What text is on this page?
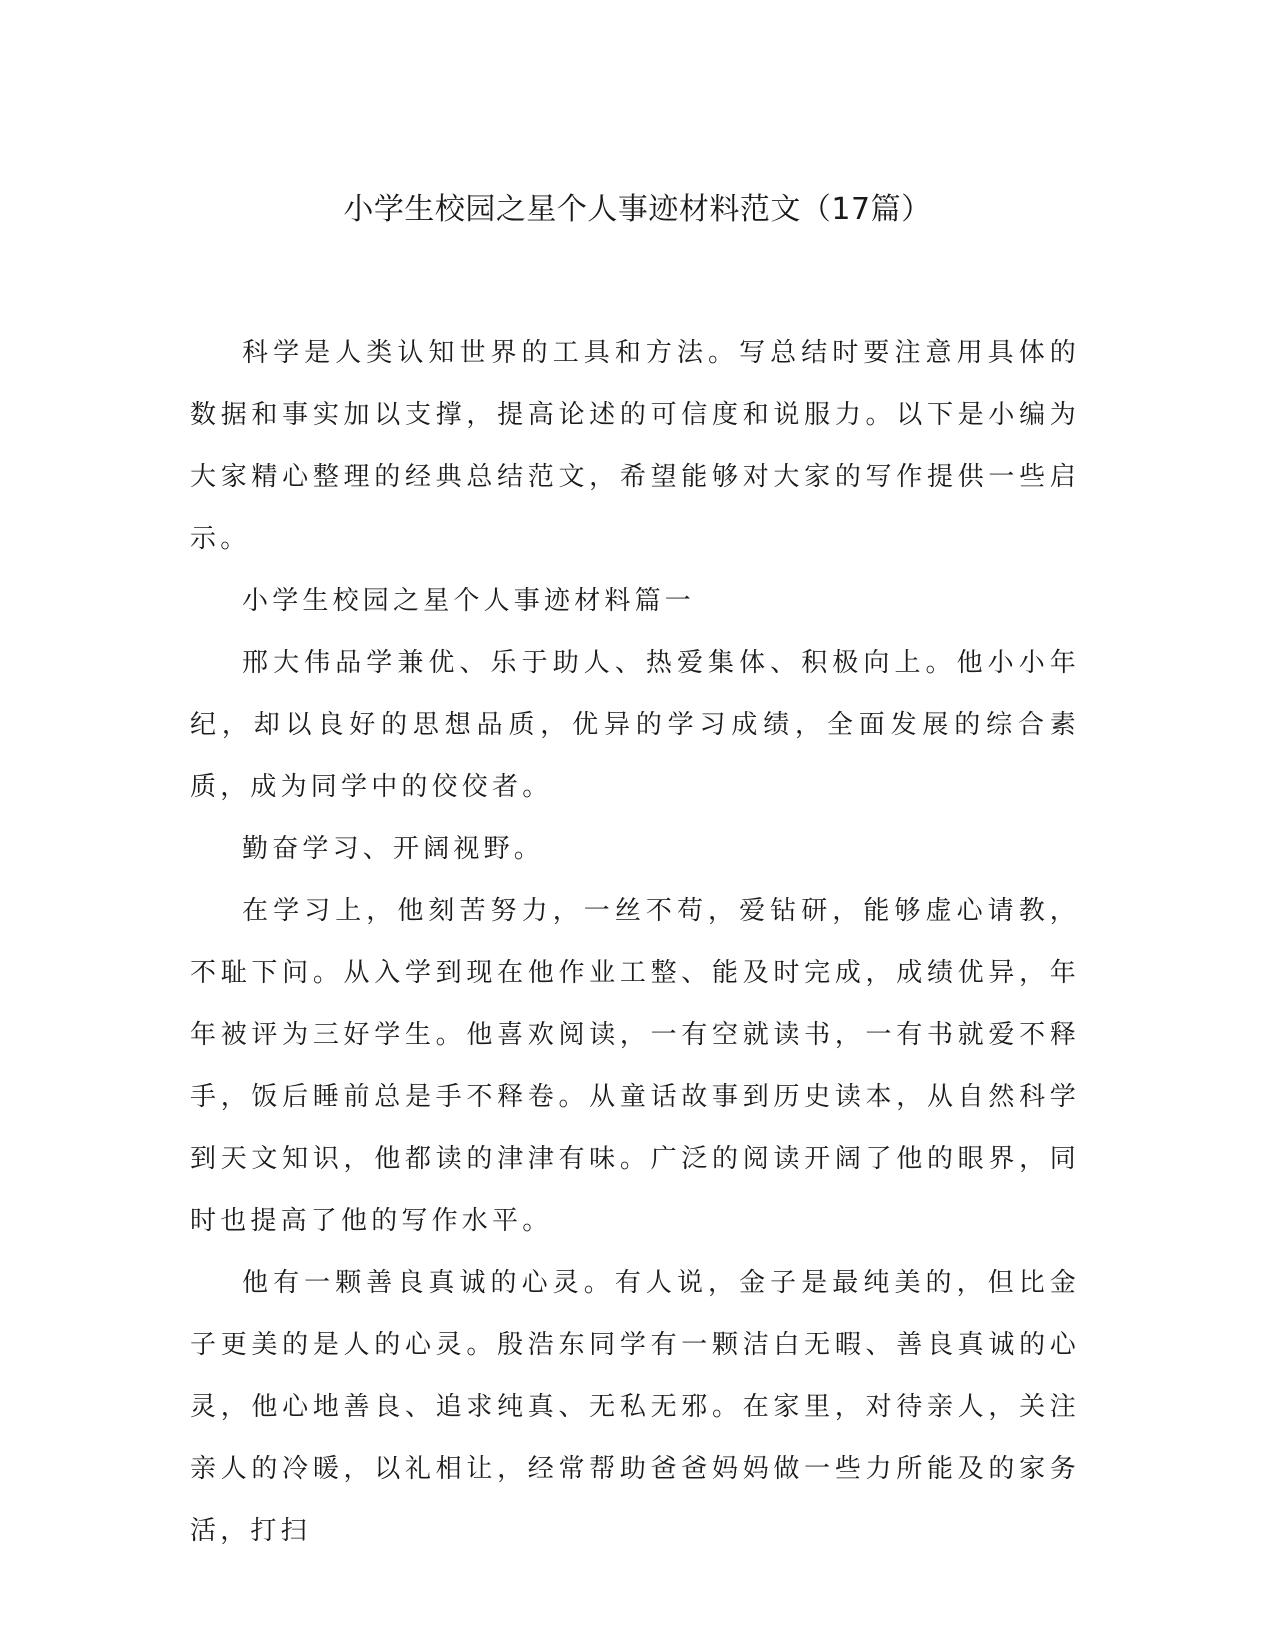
小学生校园之星个人事迹材料范文（17篇）

科学是人类认知世界的工具和方法。写总结时要注意用具体的数据和事实加以支撑，提高论述的可信度和说服力。以下是小编为大家精心整理的经典总结范文，希望能够对大家的写作提供一些启示。

小学生校园之星个人事迹材料篇一

邢大伟品学兼优、乐于助人、热爱集体、积极向上。他小小年纪，却以良好的思想品质，优异的学习成绩，全面发展的综合素质，成为同学中的佼佼者。

勤奋学习、开阔视野。

在学习上，他刻苦努力，一丝不苟，爱钻研，能够虚心请教，不耻下问。从入学到现在他作业工整、能及时完成，成绩优异，年年被评为三好学生。他喜欢阅读，一有空就读书，一有书就爱不释手，饭后睡前总是手不释卷。从童话故事到历史读本，从自然科学到天文知识，他都读的津津有味。广泛的阅读开阔了他的眼界，同时也提高了他的写作水平。

他有一颗善良真诚的心灵。有人说，金子是最纯美的，但比金子更美的是人的心灵。殷浩东同学有一颗洁白无暇、善良真诚的心灵，他心地善良、追求纯真、无私无邪。在家里，对待亲人，关注亲人的冷暖，以礼相让，经常帮助爸爸妈妈做一些力所能及的家务活，打扫
